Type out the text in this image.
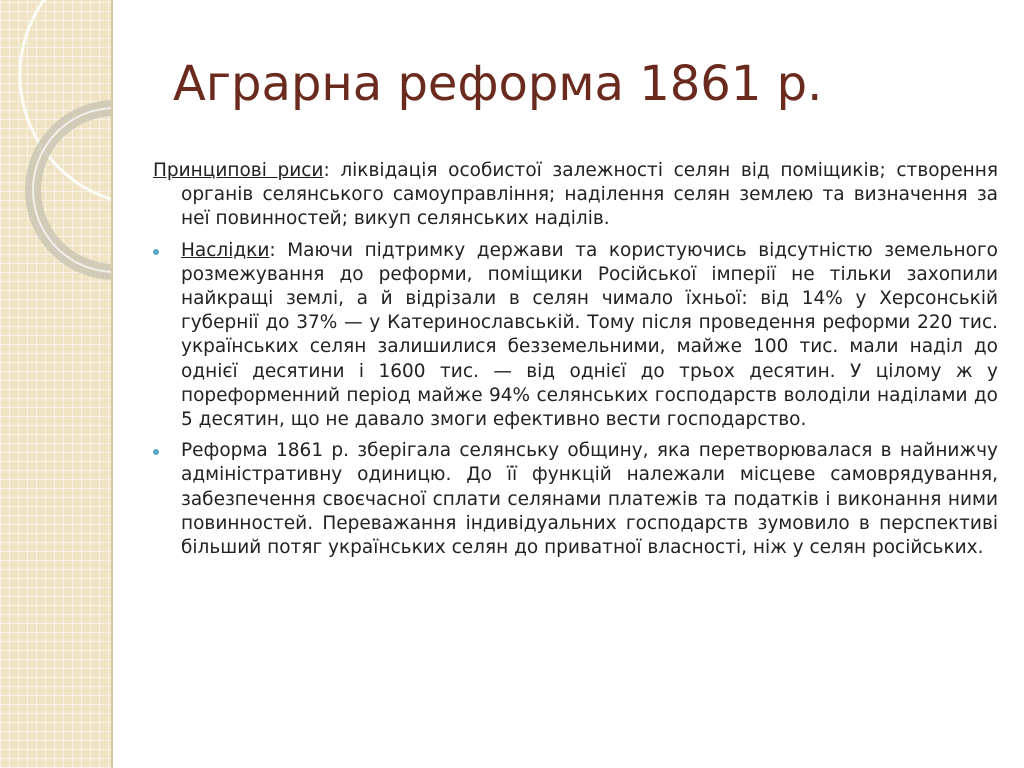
Аграрна реформа 1861 р.

Принципові риси: ліквідація особистої залежності селян від поміщиків; створення органів селянського самоуправління; наділення селян землею та визначення за неї повинностей; викуп селянських наділів.

Наслідки: Маючи підтримку держави та користуючись відсутністю земельного розмежування до реформи, поміщики Російської імперії не тільки захопили найкращі землі, а й відрізали в селян чимало їхньої: від 14% у Херсонській губернії до 37% — у Катеринославській. Тому після проведення реформи 220 тис. українських селян залишилися безземельними, майже 100 тис. мали наділ до однієї десятини і 1600 тис. — від однієї до трьох десятин. У цілому ж у пореформенний період майже 94% селянських господарств володіли наділами до 5 десятин, що не давало змоги ефективно вести господарство.

Реформа 1861 р. зберігала селянську общину, яка перетворювалася в найнижчу адміністративну одиницю. До її функцій належали місцеве самоврядування, забезпечення своєчасної сплати селянами платежів та податків і виконання ними повинностей. Переважання індивідуальних господарств зумовило в перспективі більший потяг українських селян до приватної власності, ніж у селян російських.
